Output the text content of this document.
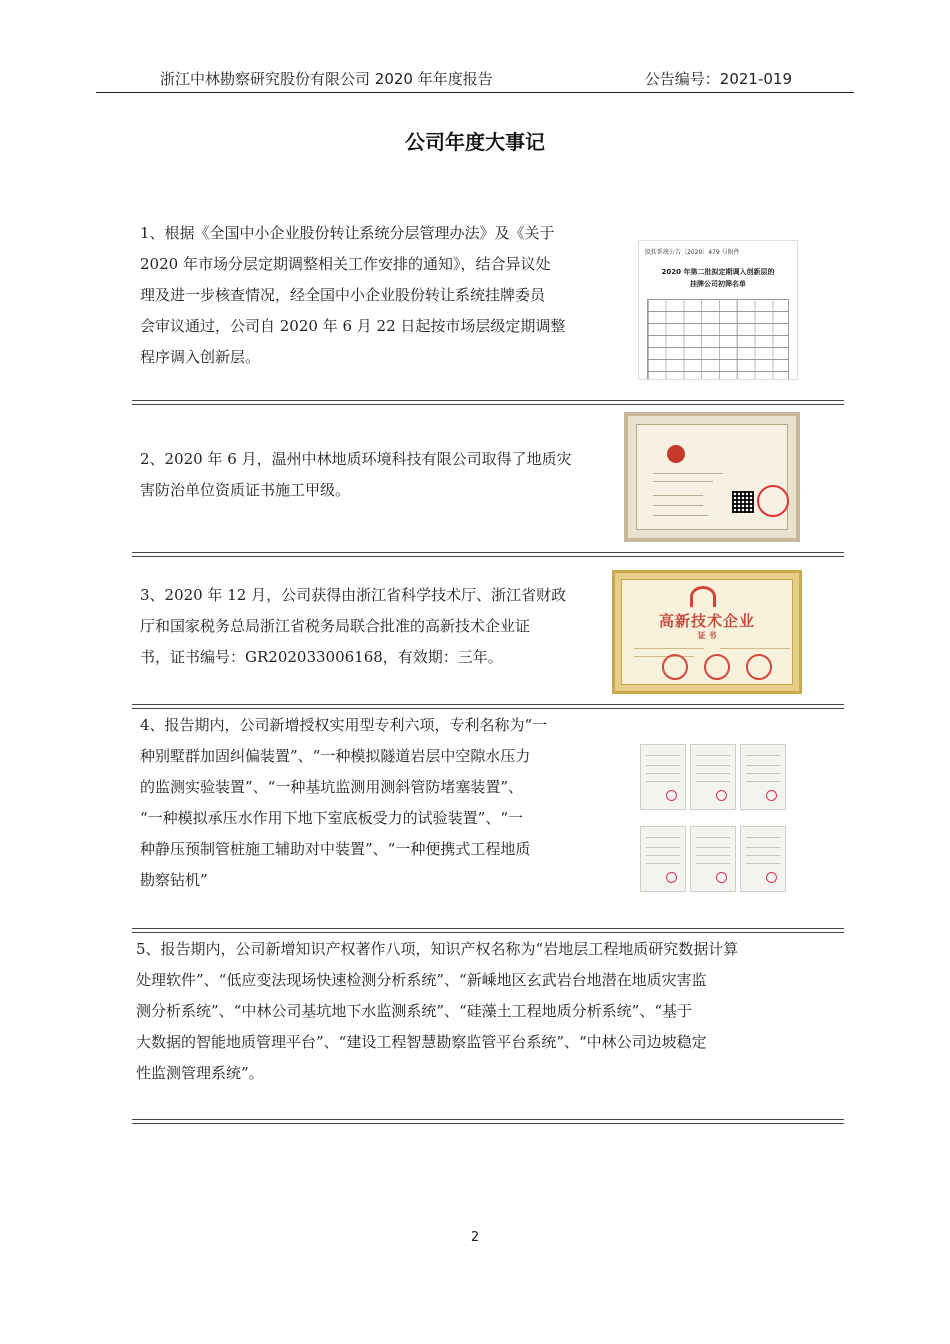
浙江中林勘察研究股份有限公司 2020 年年度报告	公告编号：2021-019
公司年度大事记
1、根据《全国中小企业股份转让系统分层管理办法》及《关于
2020 年市场分层定期调整相关工作安排的通知》，结合异议处
理及进一步核查情况，经全国中小企业股份转让系统挂牌委员
会审议通过，公司自 2020 年 6 月 22 日起按市场层级定期调整
程序调入创新层。
股转系统公告〔2020〕479 号附件
2020 年第二批拟定期调入创新层的
挂牌公司初筛名单
2、2020 年 6 月，温州中林地质环境科技有限公司取得了地质灾
害防治单位资质证书施工甲级。
3、2020 年 12 月，公司获得由浙江省科学技术厅、浙江省财政
厅和国家税务总局浙江省税务局联合批准的高新技术企业证
书，证书编号：GR202033006168，有效期：三年。
高新技术企业
证 书
4、报告期内，公司新增授权实用型专利六项，专利名称为“一
种别墅群加固纠偏装置”、“一种模拟隧道岩层中空隙水压力
的监测实验装置”、“一种基坑监测用测斜管防堵塞装置”、
“一种模拟承压水作用下地下室底板受力的试验装置”、“一
种静压预制管桩施工辅助对中装置”、“一种便携式工程地质
勘察钻机”
5、报告期内，公司新增知识产权著作八项，知识产权名称为“岩地层工程地质研究数据计算
处理软件”、“低应变法现场快速检测分析系统”、“新嵊地区玄武岩台地潜在地质灾害监
测分析系统”、“中林公司基坑地下水监测系统”、“硅藻土工程地质分析系统”、“基于
大数据的智能地质管理平台”、“建设工程智慧勘察监管平台系统”、“中林公司边坡稳定
性监测管理系统”。
2
